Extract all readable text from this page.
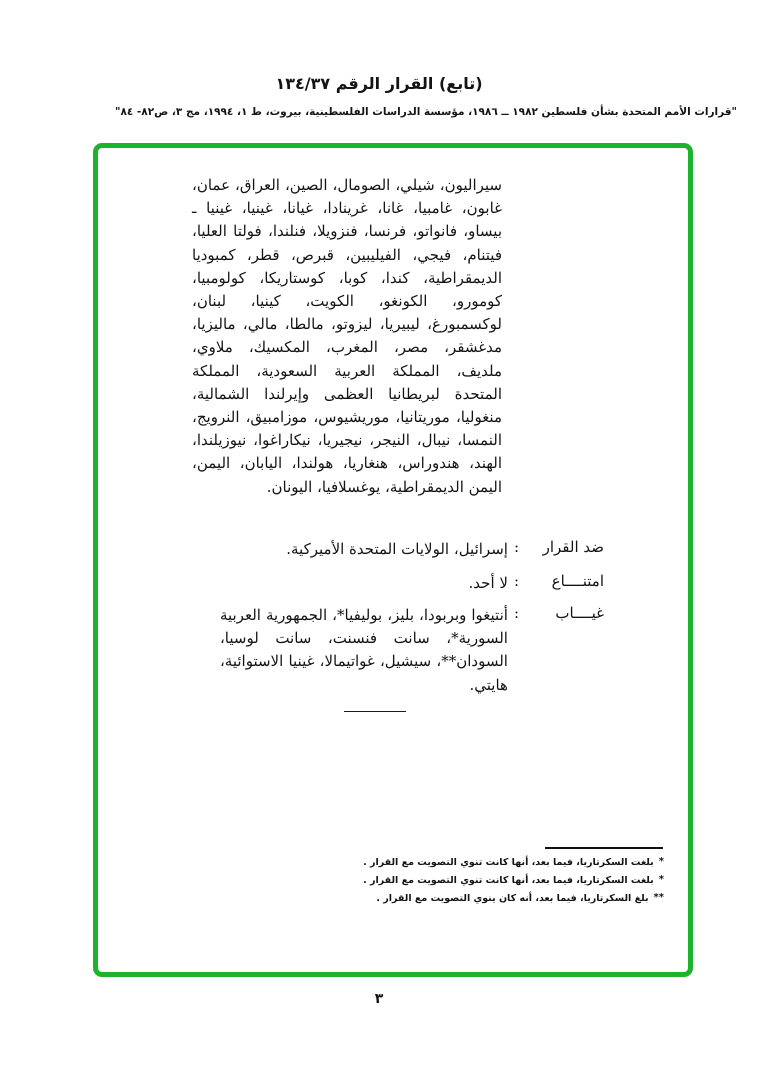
(تابع) القرار الرقم ١٣٤/٣٧
"قرارات الأمم المتحدة بشأن فلسطين ١٩٨٢ ــ ١٩٨٦، مؤسسة الدراسات الفلسطينية، بيروت، ط ١، ١٩٩٤، مج ٣، ص٨٢- ٨٤"
سيراليون، شيلي، الصومال، الصين، العراق، عمان، غابون، غامبيا، غانا، غرينادا، غيانا، غينيا، غينيا ـ بيساو، فانواتو، فرنسا، فنزويلا، فنلندا، فولتا العليا، فيتنام، فيجي، الفيليبين، قبرص، قطر، كمبوديا الديمقراطية، كندا، كوبا، كوستاريكا، كولومبيا، كومورو، الكونغو، الكويت، كينيا، لبنان، لوكسمبورغ، ليبيريا، ليزوتو، مالطا، مالي، ماليزيا، مدغشقر، مصر، المغرب، المكسيك، ملاوي، ملديف، المملكة العربية السعودية، المملكة المتحدة لبريطانيا العظمى وإيرلندا الشمالية، منغوليا، موريتانيا، موريشيوس، موزامبيق، النرويج، النمسا، نيبال، النيجر، نيجيريا، نيكاراغوا، نيوزيلندا، الهند، هندوراس، هنغاريا، هولندا، اليابان، اليمن، اليمن الديمقراطية، يوغسلافيا، اليونان.
ضد القرار
:
إسرائيل، الولايات المتحدة الأميركية.
امتنــــاع
:
لا أحد.
غيــــاب
:
أنتيغوا وبربودا، بليز، بوليفيا*، الجمهورية العربية السورية*، سانت فنسنت، سانت لوسيا، السودان**، سيشيل، غواتيمالا، غينيا الاستوائية، هايتي.
*
بلغت السكرتاريا، فيما بعد، أنها كانت تنوي التصويت مع القرار .
*
بلغت السكرتاريا، فيما بعد، أنها كانت تنوي التصويت مع القرار .
**
بلغ السكرتاريا، فيما بعد، أنه كان ينوي التصويت مع القرار .
٣
